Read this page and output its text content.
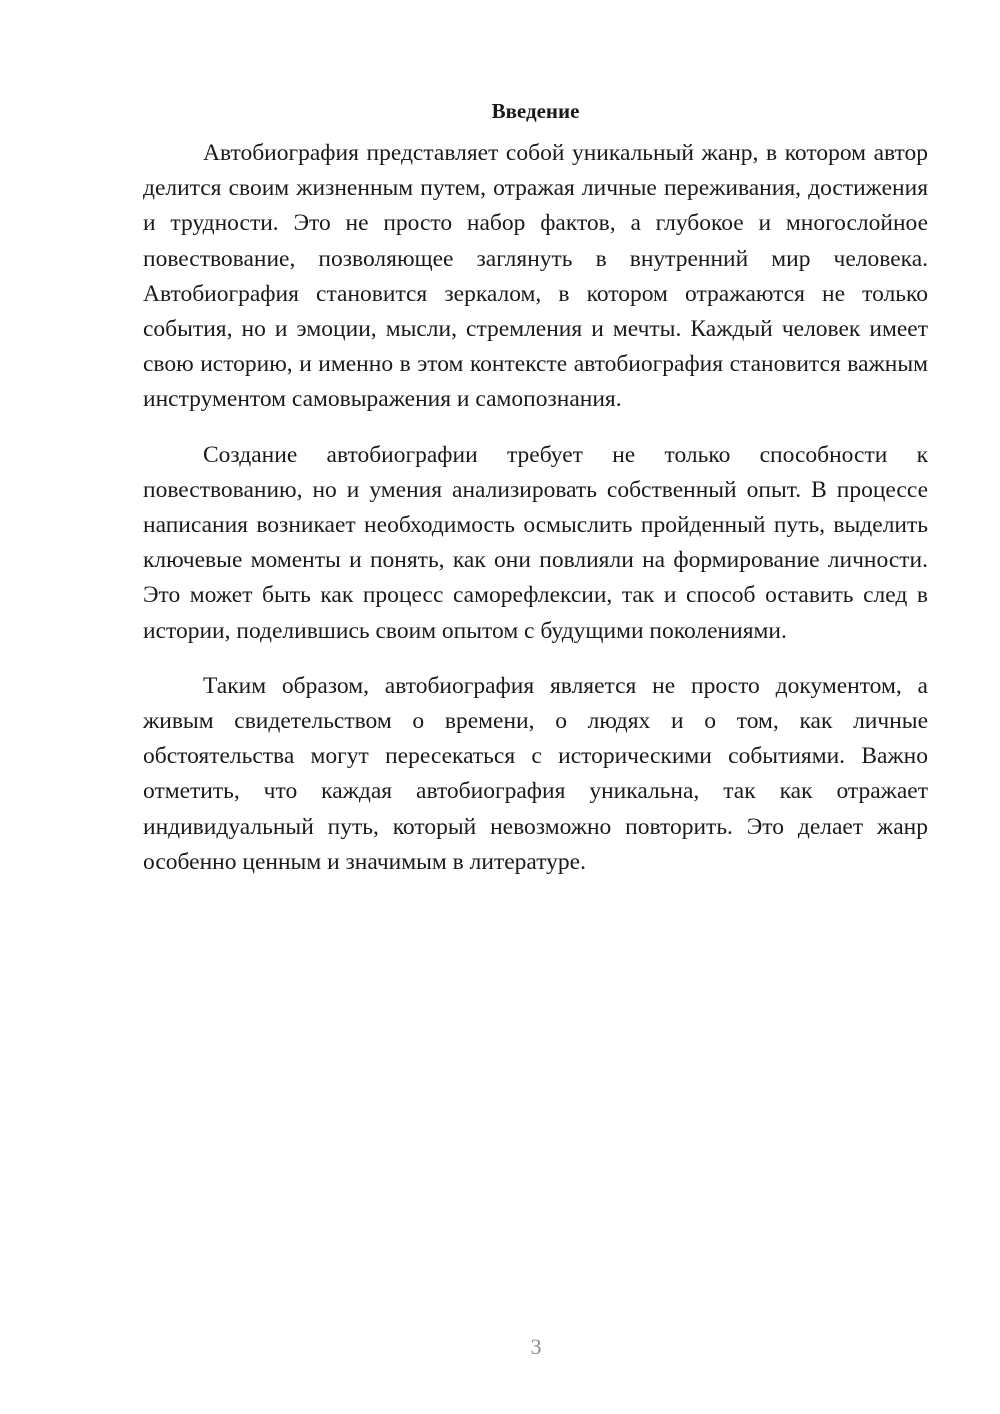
Введение

Автобиография представляет собой уникальный жанр, в котором автор делится своим жизненным путем, отражая личные переживания, достижения и трудности. Это не просто набор фактов, а глубокое и многослойное повествование, позволяющее заглянуть в внутренний мир человека. Автобиография становится зеркалом, в котором отражаются не только события, но и эмоции, мысли, стремления и мечты. Каждый человек имеет свою историю, и именно в этом контексте автобиография становится важным инструментом самовыражения и самопознания.

Создание автобиографии требует не только способности к повествованию, но и умения анализировать собственный опыт. В процессе написания возникает необходимость осмыслить пройденный путь, выделить ключевые моменты и понять, как они повлияли на формирование личности. Это может быть как процесс саморефлексии, так и способ оставить след в истории, поделившись своим опытом с будущими поколениями.

Таким образом, автобиография является не просто документом, а живым свидетельством о времени, о людях и о том, как личные обстоятельства могут пересекаться с историческими событиями. Важно отметить, что каждая автобиография уникальна, так как отражает индивидуальный путь, который невозможно повторить. Это делает жанр особенно ценным и значимым в литературе.

3
